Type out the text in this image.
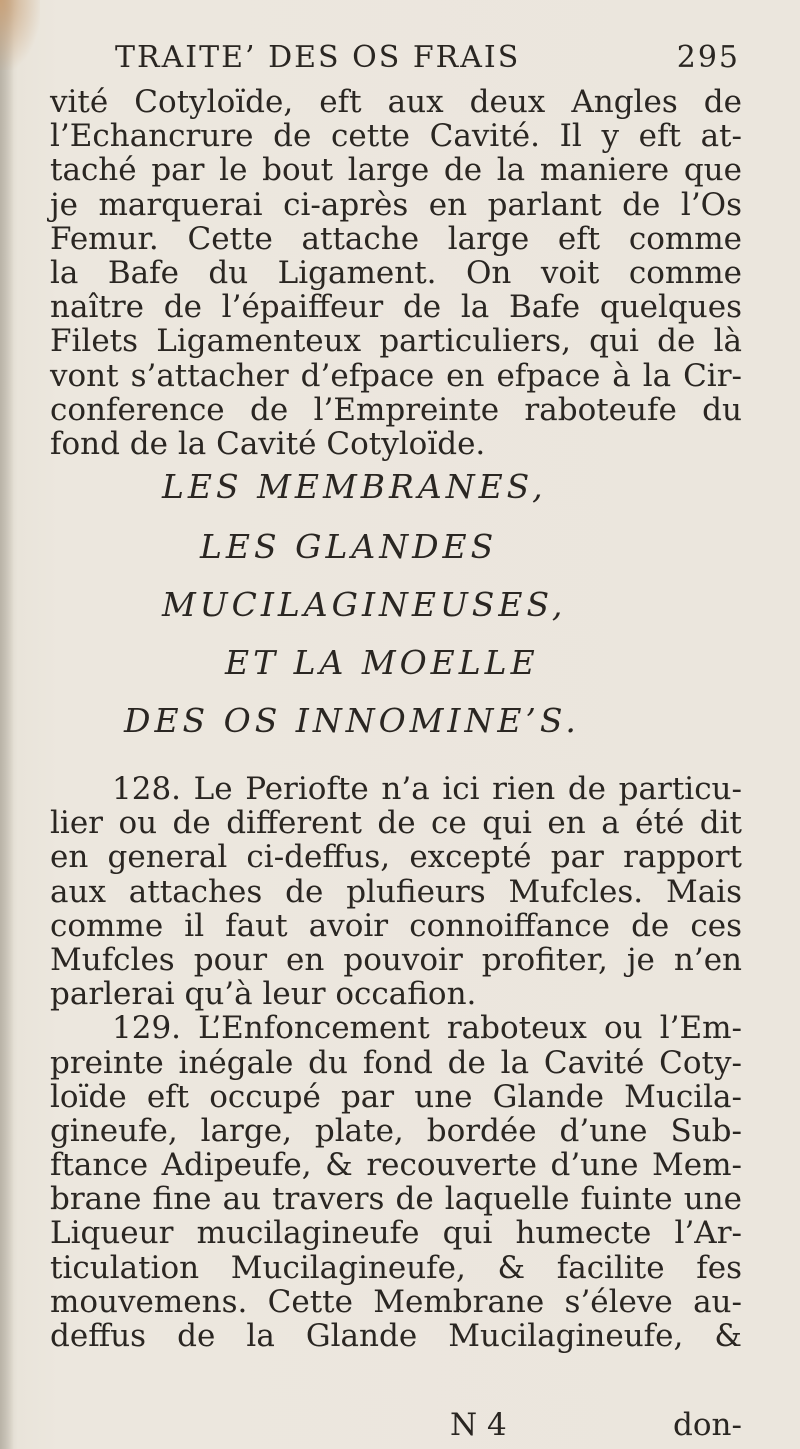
TRAITE’ DES OS FRAIS	295
vité Cotyloïde, eft aux deux Angles de
l’Echancrure de cette Cavité. Il y eft at-
taché par le bout large de la maniere que
je marquerai ci-après en parlant de l’Os
Femur. Cette attache large eft comme
la Bafe du Ligament. On voit comme
naître de l’épaiffeur de la Bafe quelques
Filets Ligamenteux particuliers, qui de là
vont s’attacher d’efpace en efpace à la Cir-
conference de l’Empreinte raboteufe du
fond de la Cavité Cotyloïde.
LES MEMBRANES,
LES GLANDES
MUCILAGINEUSES,
ET LA MOELLE
DES OS INNOMINE’S.
128. Le Periofte n’a ici rien de particu-
lier ou de different de ce qui en a été dit
en general ci-deffus, excepté par rapport
aux attaches de plufieurs Mufcles. Mais
comme il faut avoir connoiffance de ces
Mufcles pour en pouvoir profiter, je n’en
parlerai qu’à leur occafion.
129. L’Enfoncement raboteux ou l’Em-
preinte inégale du fond de la Cavité Coty-
loïde eft occupé par une Glande Mucila-
gineufe, large, plate, bordée d’une Sub-
ftance Adipeufe, & recouverte d’une Mem-
brane fine au travers de laquelle fuinte une
Liqueur mucilagineufe qui humecte l’Ar-
ticulation Mucilagineufe, & facilite fes
mouvemens. Cette Membrane s’éleve au-
deffus de la Glande Mucilagineufe, &
N 4	don-
